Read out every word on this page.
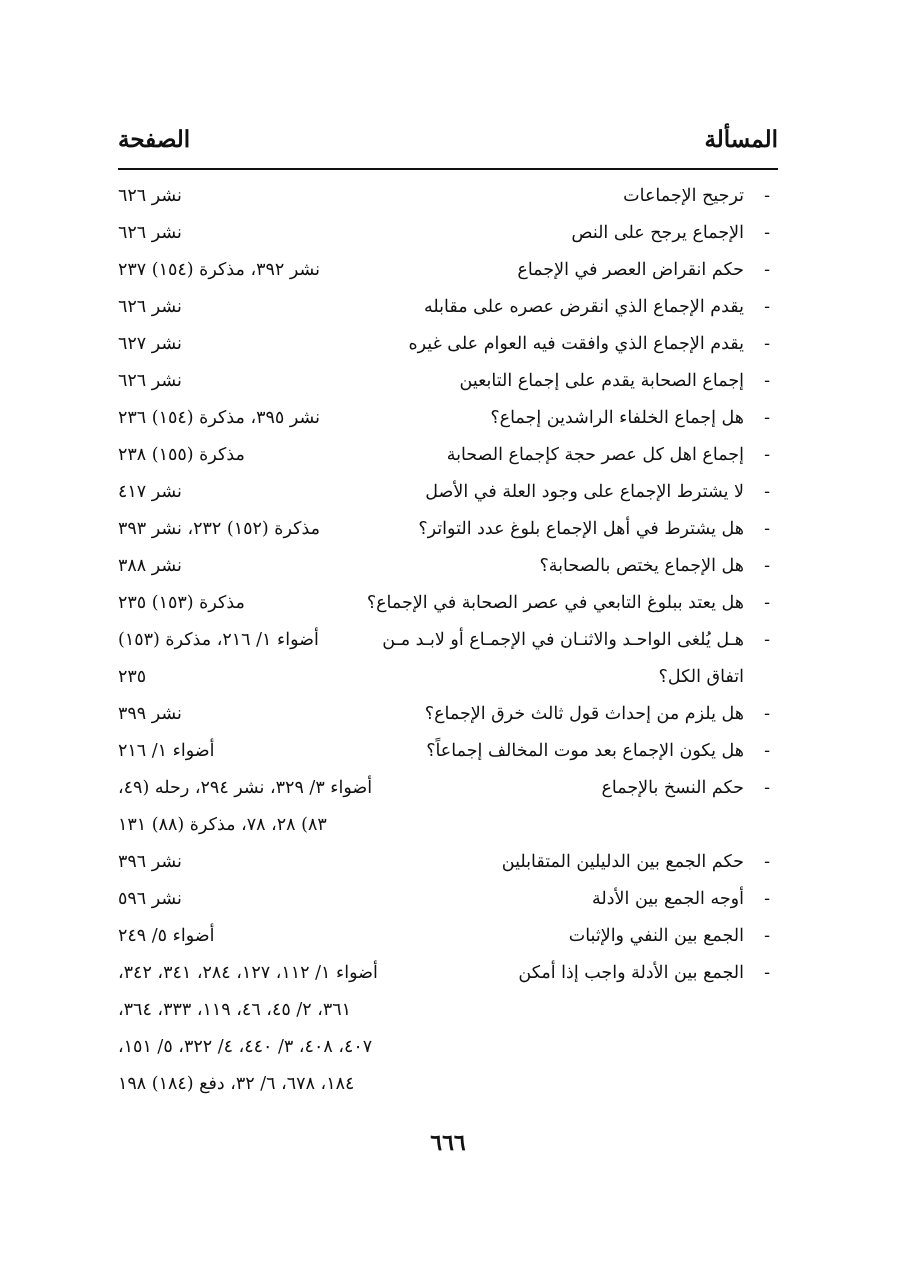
المسألة
الصفحة
-
ترجيح الإجماعات
نشر ٦٢٦
-
الإجماع يرجح على النص
نشر ٦٢٦
-
حكم انقراض العصر في الإجماع
نشر ٣٩٢، مذكرة (١٥٤) ٢٣٧
-
يقدم الإجماع الذي انقرض عصره على مقابله
نشر ٦٢٦
-
يقدم الإجماع الذي وافقت فيه العوام على غيره
نشر ٦٢٧
-
إجماع الصحابة يقدم على إجماع التابعين
نشر ٦٢٦
-
هل إجماع الخلفاء الراشدين إجماع؟
نشر ٣٩٥، مذكرة (١٥٤) ٢٣٦
-
إجماع اهل كل عصر حجة كإجماع الصحابة
مذكرة (١٥٥) ٢٣٨
-
لا يشترط الإجماع على وجود العلة في الأصل
نشر ٤١٧
-
هل يشترط في أهل الإجماع بلوغ عدد التواتر؟
مذكرة (١٥٢) ٢٣٢، نشر ٣٩٣
-
هل الإجماع يختص بالصحابة؟
نشر ٣٨٨
-
هل يعتد ببلوغ التابعي في عصر الصحابة في الإجماع؟
مذكرة (١٥٣) ٢٣٥
-
هـل يُلغى الواحـد والاثنـان في الإجمـاع أو لابـد مـن
أضواء ١/ ٢١٦، مذكرة (١٥٣)
اتفاق الكل؟
٢٣٥
-
هل يلزم من إحداث قول ثالث خرق الإجماع؟
نشر ٣٩٩
-
هل يكون الإجماع بعد موت المخالف إجماعاً؟
أضواء ١/ ٢١٦
-
حكم النسخ بالإجماع
أضواء ٣/ ٣٢٩، نشر ٢٩٤، رحله (٤٩،
٨٣) ٢٨، ٧٨، مذكرة (٨٨) ١٣١
-
حكم الجمع بين الدليلين المتقابلين
نشر ٣٩٦
-
أوجه الجمع بين الأدلة
نشر ٥٩٦
-
الجمع بين النفي والإثبات
أضواء ٥/ ٢٤٩
-
الجمع بين الأدلة واجب إذا أمكن
أضواء ١/ ١١٢، ١٢٧، ٢٨٤، ٣٤١، ٣٤٢،
٣٦١، ٢/ ٤٥، ٤٦، ١١٩، ٣٣٣، ٣٦٤،
٤٠٧، ٤٠٨، ٣/ ٤٤٠، ٤/ ٣٢٢، ٥/ ١٥١،
١٨٤، ٦٧٨، ٦/ ٣٢، دفع (١٨٤) ١٩٨
٦٦٦
